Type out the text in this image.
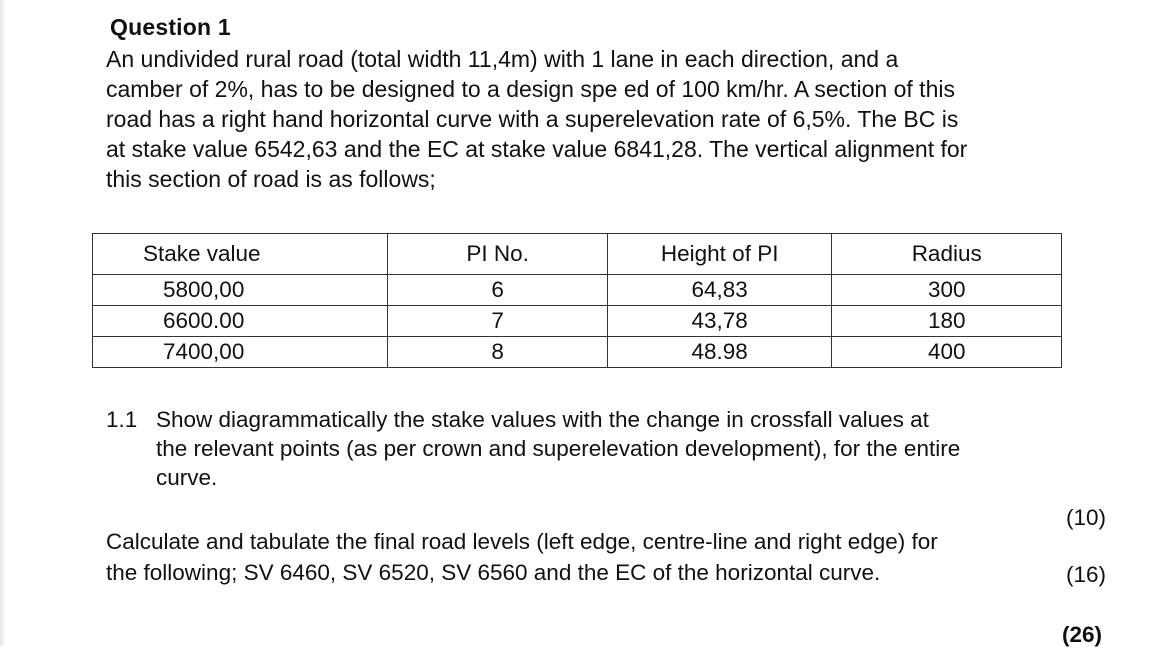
Question 1
An undivided rural road (total width 11,4m) with 1 lane in each direction, and a
camber of 2%, has to be designed to a design spe ed of 100 km/hr. A section of this
road has a right hand horizontal curve with a superelevation rate of 6,5%. The BC is
at stake value 6542,63 and the EC at stake value 6841,28. The vertical alignment for
this section of road is as follows;
Stake value	PI No.	Height of PI	Radius
5800,00	6	64,83	300
6600.00	7	43,78	180
7400,00	8	48.98	400
1.1 Show diagrammatically the stake values with the change in crossfall values at
the relevant points (as per crown and superelevation development), for the entire
curve.
(10)
Calculate and tabulate the final road levels (left edge, centre-line and right edge) for
the following; SV 6460, SV 6520, SV 6560 and the EC of the horizontal curve.	(16)
(26)
